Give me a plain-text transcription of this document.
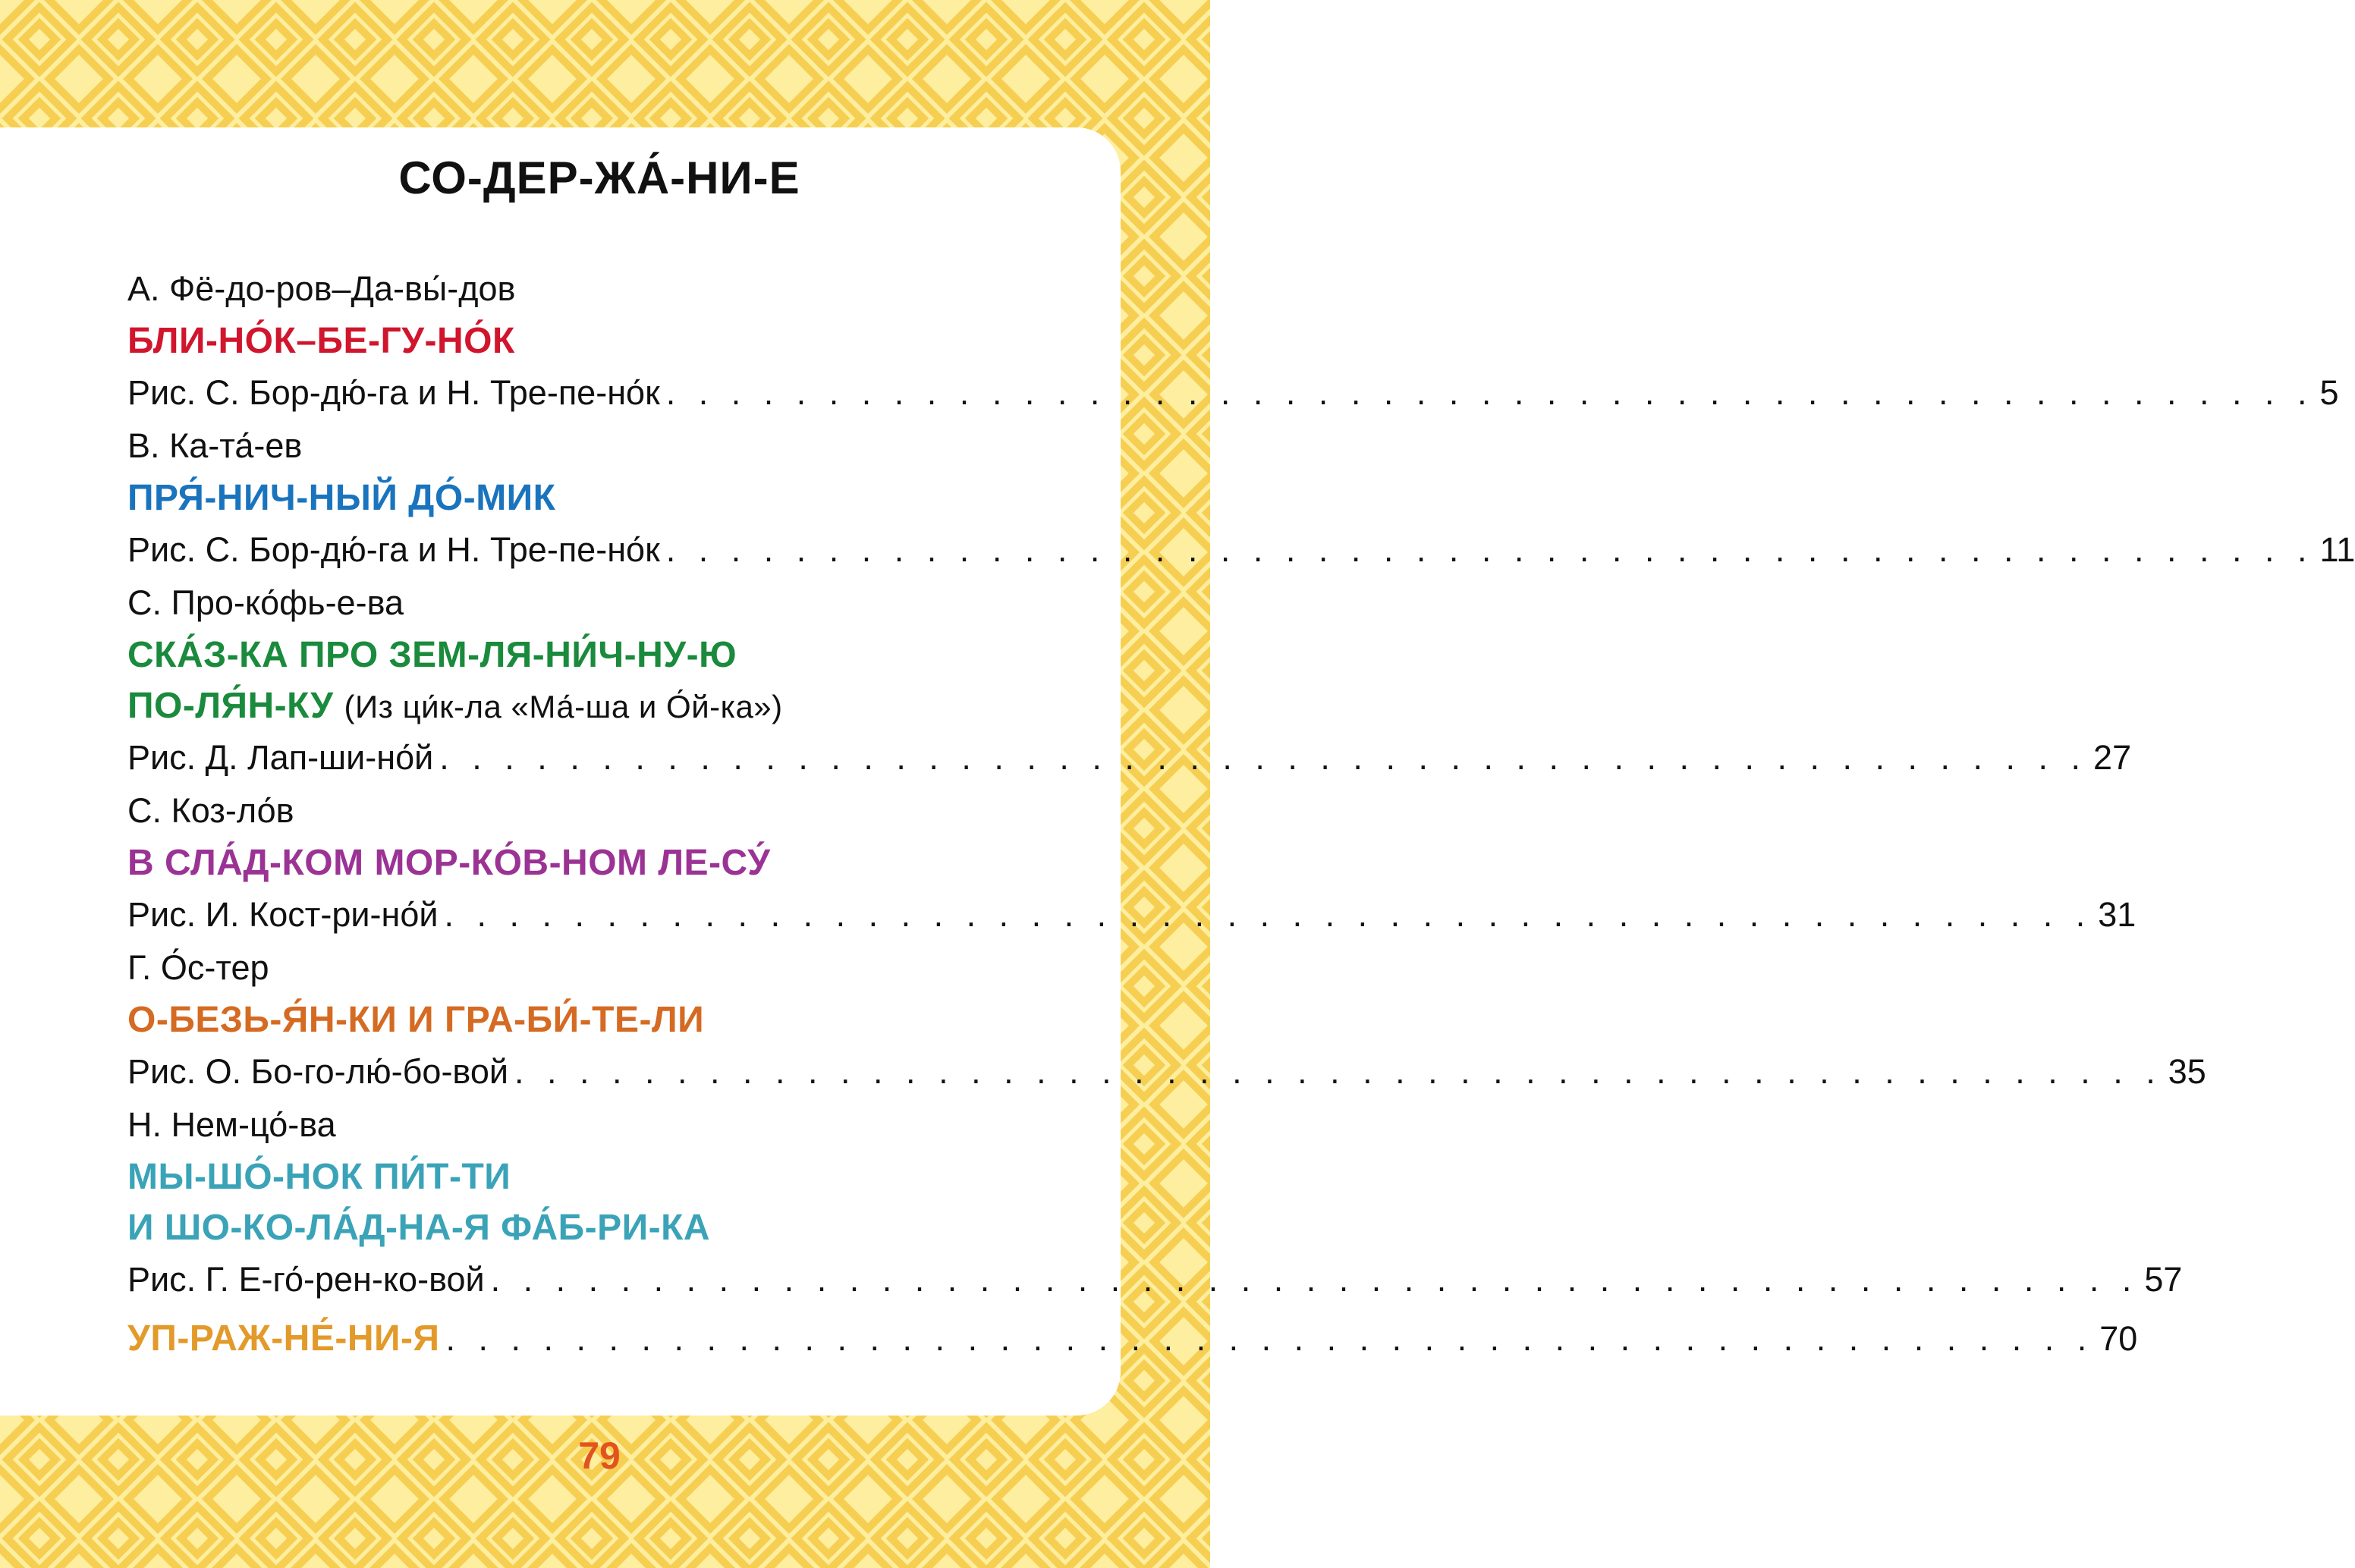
СО-ДЕР-ЖА́-НИ-Е
А. Фё-до-ров–Да-вы́-дов
БЛИ-НО́К–БЕ-ГУ-НО́К
Рис. С. Бор-дю́-га и Н. Тре-пе-но́к . . . . . . . . . . . . . . . . . . . . . . . . . . . . . . . . . . . . . . . . . . . . . . . . . . . 5
В. Ка-та́-ев
ПРЯ́-НИЧ-НЫЙ ДО́-МИК
Рис. С. Бор-дю́-га и Н. Тре-пе-но́к . . . . . . . . . . . . . . . . . . . . . . . . . . . . . . . . . . . . . . . . . . . . . . . . . . . 11
С. Про-ко́фь-е-ва
СКА́З-КА ПРО ЗЕМ-ЛЯ-НИ́Ч-НУ-Ю
ПО-ЛЯ́Н-КУ (Из ци́к-ла «Ма́-ша и О́й-ка»)
Рис. Д. Лап-ши-но́й . . . . . . . . . . . . . . . . . . . . . . . . . . . . . . . . . . . . . . . . . . . . . . . . . . . 27
С. Коз-ло́в
В СЛА́Д-КОМ МОР-КО́В-НОМ ЛЕ-СУ́
Рис. И. Кост-ри-но́й . . . . . . . . . . . . . . . . . . . . . . . . . . . . . . . . . . . . . . . . . . . . . . . . . . . 31
Г. О́с-тер
О-БЕЗЬ-Я́Н-КИ И ГРА-БИ́-ТЕ-ЛИ
Рис. О. Бо-го-лю́-бо-вой . . . . . . . . . . . . . . . . . . . . . . . . . . . . . . . . . . . . . . . . . . . . . . . . . . . 35
Н. Нем-цо́-ва
МЫ-ШО́-НОК ПИ́Т-ТИ
И ШО-КО-ЛА́Д-НА-Я ФА́Б-РИ-КА
Рис. Г. Е-го́-рен-ко-вой . . . . . . . . . . . . . . . . . . . . . . . . . . . . . . . . . . . . . . . . . . . . . . . . . . . 57
УП-РАЖ-НЕ́-НИ-Я . . . . . . . . . . . . . . . . . . . . . . . . . . . . . . . . . . . . . . . . . . . . . . . . . . . 70
79
